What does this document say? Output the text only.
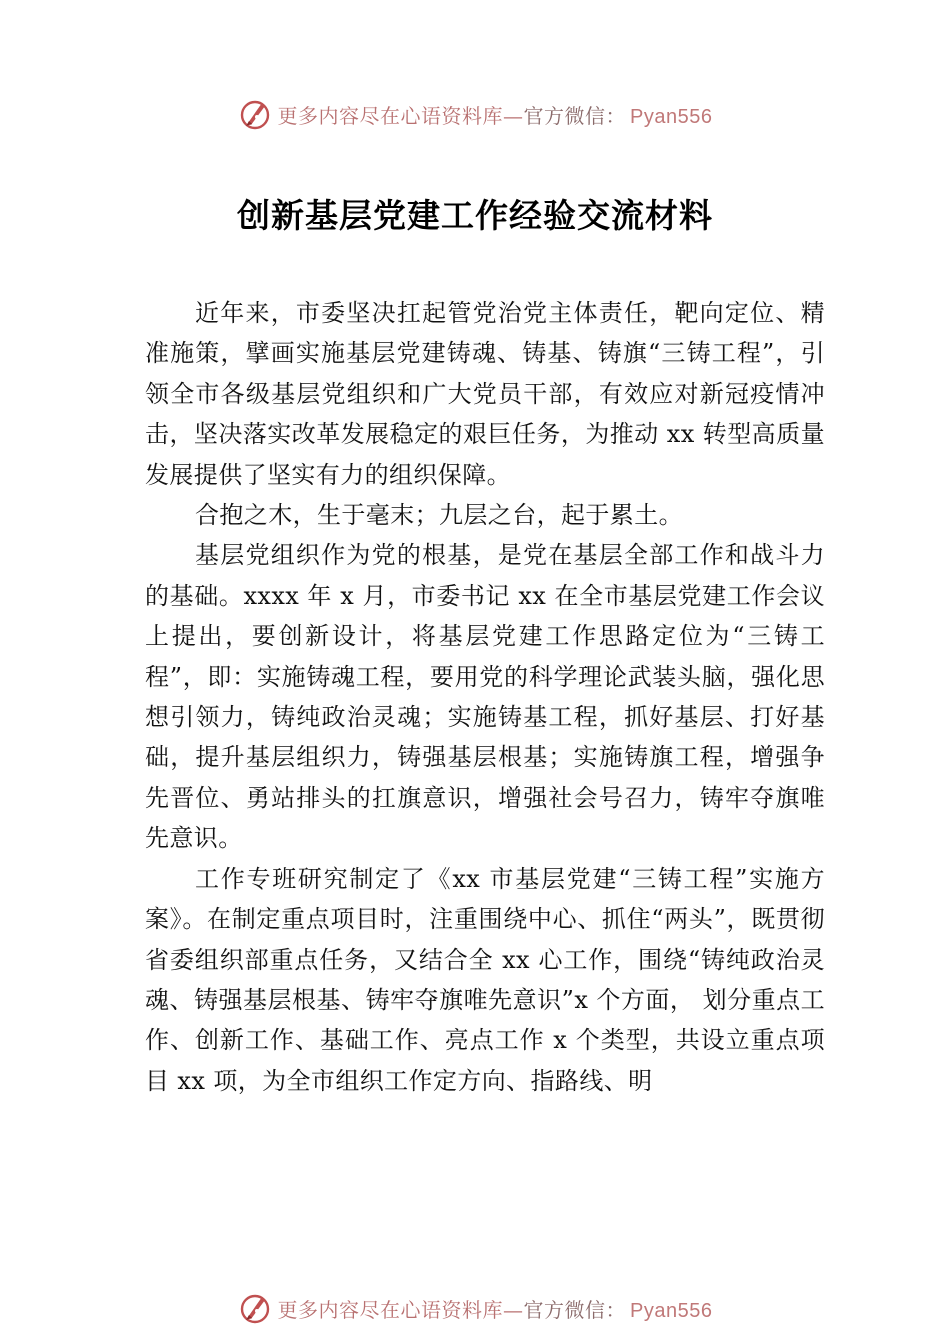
更多内容尽在心语资料库—官方微信： Pyan556
创新基层党建工作经验交流材料

近年来，市委坚决扛起管党治党主体责任，靶向定位、精准施策，擘画实施基层党建铸魂、铸基、铸旗“三铸工程”，引领全市各级基层党组织和广大党员干部，有效应对新冠疫情冲击，坚决落实改革发展稳定的艰巨任务，为推动 xx 转型高质量发展提供了坚实有力的组织保障。

合抱之木，生于毫末；九层之台，起于累土。

基层党组织作为党的根基，是党在基层全部工作和战斗力的基础。xxxx 年 x 月，市委书记 xx 在全市基层党建工作会议上提出，要创新设计，将基层党建工作思路定位为“三铸工程”，即：实施铸魂工程，要用党的科学理论武装头脑，强化思想引领力，铸纯政治灵魂；实施铸基工程，抓好基层、打好基础，提升基层组织力，铸强基层根基；实施铸旗工程，增强争先晋位、勇站排头的扛旗意识，增强社会号召力，铸牢夺旗唯先意识。

工作专班研究制定了《xx 市基层党建“三铸工程”实施方案》。在制定重点项目时，注重围绕中心、抓住“两头”，既贯彻省委组织部重点任务，又结合全 xx 心工作，围绕“铸纯政治灵魂、铸强基层根基、铸牢夺旗唯先意识”x 个方面， 划分重点工作、创新工作、基础工作、亮点工作 x 个类型，共设立重点项目 xx 项，为全市组织工作定方向、指路线、明

更多内容尽在心语资料库—官方微信： Pyan556
